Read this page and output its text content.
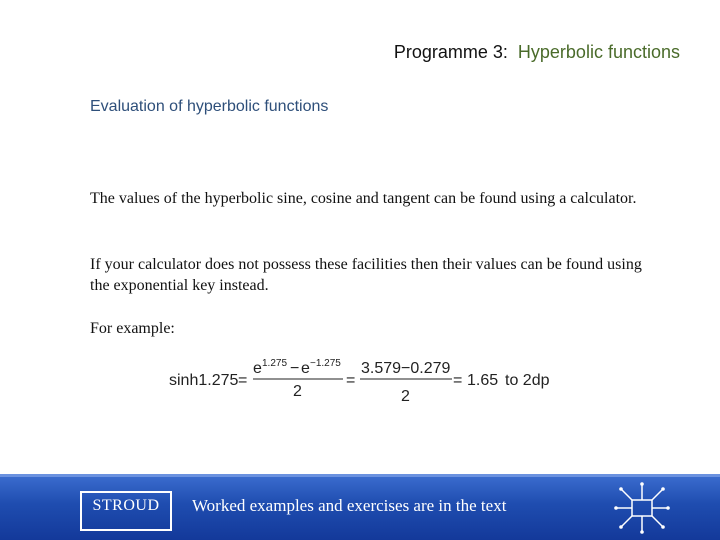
Programme 3: Hyperbolic functions
Evaluation of hyperbolic functions

The values of the hyperbolic sine, cosine and tangent can be found using a calculator.

If your calculator does not possess these facilities then their values can be found using the exponential key instead.

For example:

sinh1.275 =
e 1.275 − e −1.275
2
=
3.579−0.279
2
= 1.65 to 2dp
STROUD	Worked examples and exercises are in the text
